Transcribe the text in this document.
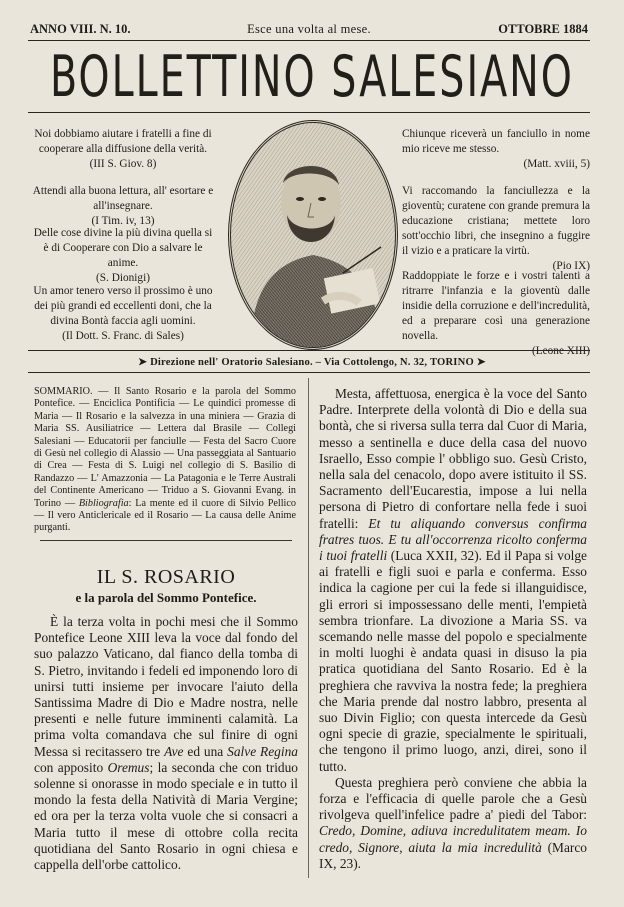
ANNO VIII. N. 10.	Esce una volta al mese.	OTTOBRE 1884
BOLLETTINO SALESIANO
Noi dobbiamo aiutare i fratelli a fine di cooperare alla diffusione della verità.
(III S. Giov. 8)
Attendi alla buona lettura, all' esortare e all'insegnare.
(I Tim. iv, 13)
Delle cose divine la più divina quella si è di Cooperare con Dio a salvare le anime.
(S. Dionigi)
Un amor tenero verso il prossimo è uno dei più grandi ed eccellenti doni, che la divina Bontà faccia agli uomini.
(Il Dott. S. Franc. di Sales)
Chiunque riceverà un fanciullo in nome mio riceve me stesso.
(Matt. xviii, 5)
Vi raccomando la fanciullezza e la gioventù; curatene con grande premura la educazione cristiana; mettete loro sott'occhio libri, che insegnino a fuggire il vizio e a praticare la virtù.
(Pio IX)
Raddoppiate le forze e i vostri talenti a ritrarre l'infanzia e la gioventù dalle insidie della corruzione e dell'incredulità, ed a preparare così una generazione novella.
(Leone XIII)
➤ Direzione nell' Oratorio Salesiano. – Via Cottolengo, N. 32, TORINO ➤
SOMMARIO. — Il Santo Rosario e la parola del Sommo Pontefice. — Enciclica Pontificia — Le quindici promesse di Maria — Il Rosario e la salvezza in una miniera — Grazia di Maria SS. Ausiliatrice — Lettera dal Brasile — Collegi Salesiani — Educatorii per fanciulle — Festa del Sacro Cuore di Gesù nel collegio di Alassio — Una passeggiata al Santuario di Crea — Festa di S. Luigi nel collegio di S. Basilio di Randazzo — L' Amazzonia — La Patagonia e le Terre Australi del Continente Americano — Triduo a S. Giovanni Evang. in Torino — Bibliografia: La mente ed il cuore di Silvio Pellico — Il vero Anticlericale ed il Rosario — La causa delle Anime purganti.
IL S. ROSARIO
e la parola del Sommo Pontefice.

È la terza volta in pochi mesi che il Sommo Pontefice Leone XIII leva la voce dal fondo del suo palazzo Vaticano, dal fianco della tomba di S. Pietro, invitando i fedeli ed imponendo loro di unirsi tutti insieme per invocare l'aiuto della Santissima Madre di Dio e Madre nostra, nelle presenti e nelle future imminenti calamità. La prima volta comandava che sul finire di ogni Messa si recitassero tre Ave ed una Salve Regina con apposito Oremus; la seconda che con triduo solenne si onorasse in modo speciale e in tutto il mondo la festa della Natività di Maria Vergine; ed ora per la terza volta vuole che si consacri a Maria tutto il mese di ottobre colla recita quotidiana del Santo Rosario in ogni chiesa e cappella dell'orbe cattolico.

Mesta, affettuosa, energica è la voce del Santo Padre. Interprete della volontà di Dio e della sua bontà, che si riversa sulla terra dal Cuor di Maria, messo a sentinella e duce della casa del nuovo Israello, Esso compie l' obbligo suo. Gesù Cristo, nella sala del cenacolo, dopo avere istituito il SS. Sacramento dell'Eucarestia, impose a lui nella persona di Pietro di confortare nella fede i suoi fratelli: Et tu aliquando conversus confirma fratres tuos. E tu all'occorrenza ricolto conferma i tuoi fratelli (Luca XXII, 32). Ed il Papa si volge ai fratelli e figli suoi e parla e conferma. Esso indica la cagione per cui la fede si illanguidisce, gli errori si impossessano delle menti, l'empietà sembra trionfare. La divozione a Maria SS. va scemando nelle masse del popolo e specialmente in molti luoghi è andata quasi in disuso la pia pratica quotidiana del Santo Rosario. Ed è la preghiera che ravviva la nostra fede; la preghiera che Maria prende dal nostro labbro, presenta al suo Divin Figlio; con questa intercede da Gesù ogni specie di grazie, specialmente le spirituali, che tengono il primo luogo, anzi, direi, sono il tutto.

Questa preghiera però conviene che abbia la forza e l'efficacia di quelle parole che a Gesù rivolgeva quell'infelice padre a' piedi del Tabor: Credo, Domine, adiuva incredulitatem meam. Io credo, Signore, aiuta la mia incredulità (Marco IX, 23).
